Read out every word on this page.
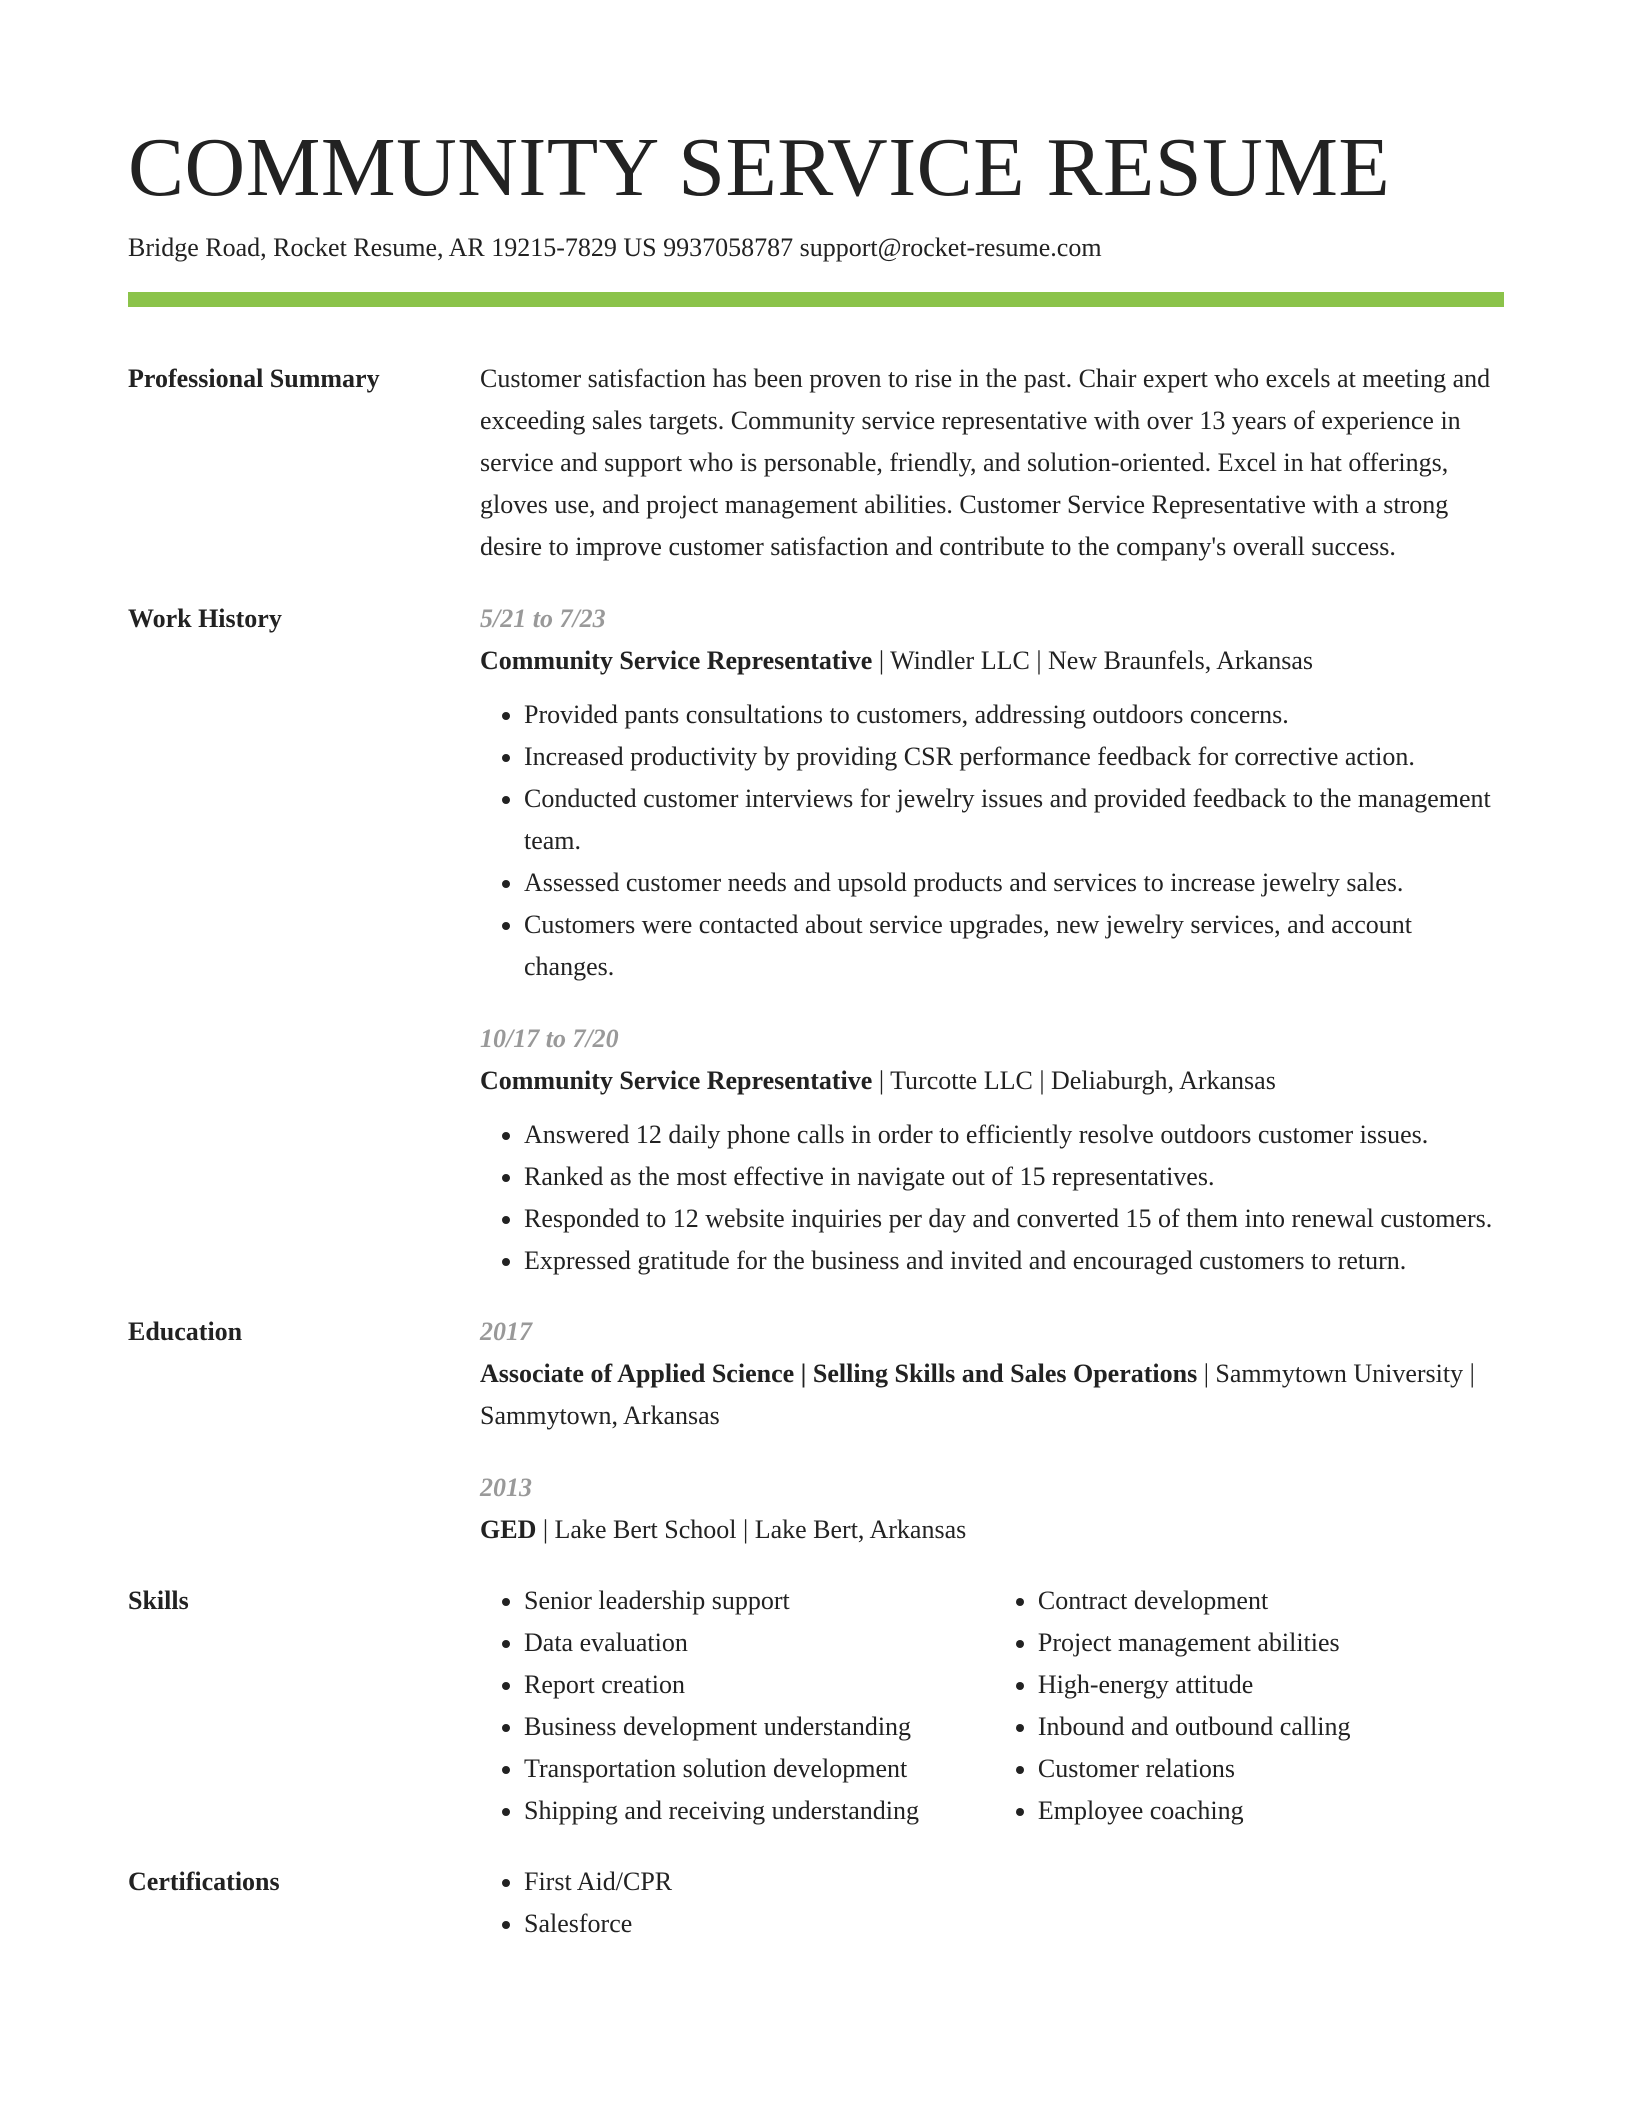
COMMUNITY SERVICE RESUME
Bridge Road, Rocket Resume, AR 19215-7829 US 9937058787 support@rocket-resume.com
Professional Summary	Customer satisfaction has been proven to rise in the past. Chair expert who excels at meeting and exceeding sales targets. Community service representative with over 13 years of experience in service and support who is personable, friendly, and solution-oriented. Excel in hat offerings, gloves use, and project management abilities. Customer Service Representative with a strong desire to improve customer satisfaction and contribute to the company's overall success.

Work History	5/21 to 7/23

Community Service Representative | Windler LLC | New Braunfels, Arkansas

• Provided pants consultations to customers, addressing outdoors concerns.
• Increased productivity by providing CSR performance feedback for corrective action.
• Conducted customer interviews for jewelry issues and provided feedback to the management team.
• Assessed customer needs and upsold products and services to increase jewelry sales.
• Customers were contacted about service upgrades, new jewelry services, and account changes.

10/17 to 7/20

Community Service Representative | Turcotte LLC | Deliaburgh, Arkansas

• Answered 12 daily phone calls in order to efficiently resolve outdoors customer issues.
• Ranked as the most effective in navigate out of 15 representatives.
• Responded to 12 website inquiries per day and converted 15 of them into renewal customers.
• Expressed gratitude for the business and invited and encouraged customers to return.
Education	2017

Associate of Applied Science | Selling Skills and Sales Operations | Sammytown University | Sammytown, Arkansas

2013

GED | Lake Bert School | Lake Bert, Arkansas

Skills	• Senior leadership support
• Data evaluation
• Report creation
• Business development understanding
• Transportation solution development
• Shipping and receiving understanding
• Contract development
• Project management abilities
• High-energy attitude
• Inbound and outbound calling
• Customer relations
• Employee coaching
Certifications	• First Aid/CPR
• Salesforce
